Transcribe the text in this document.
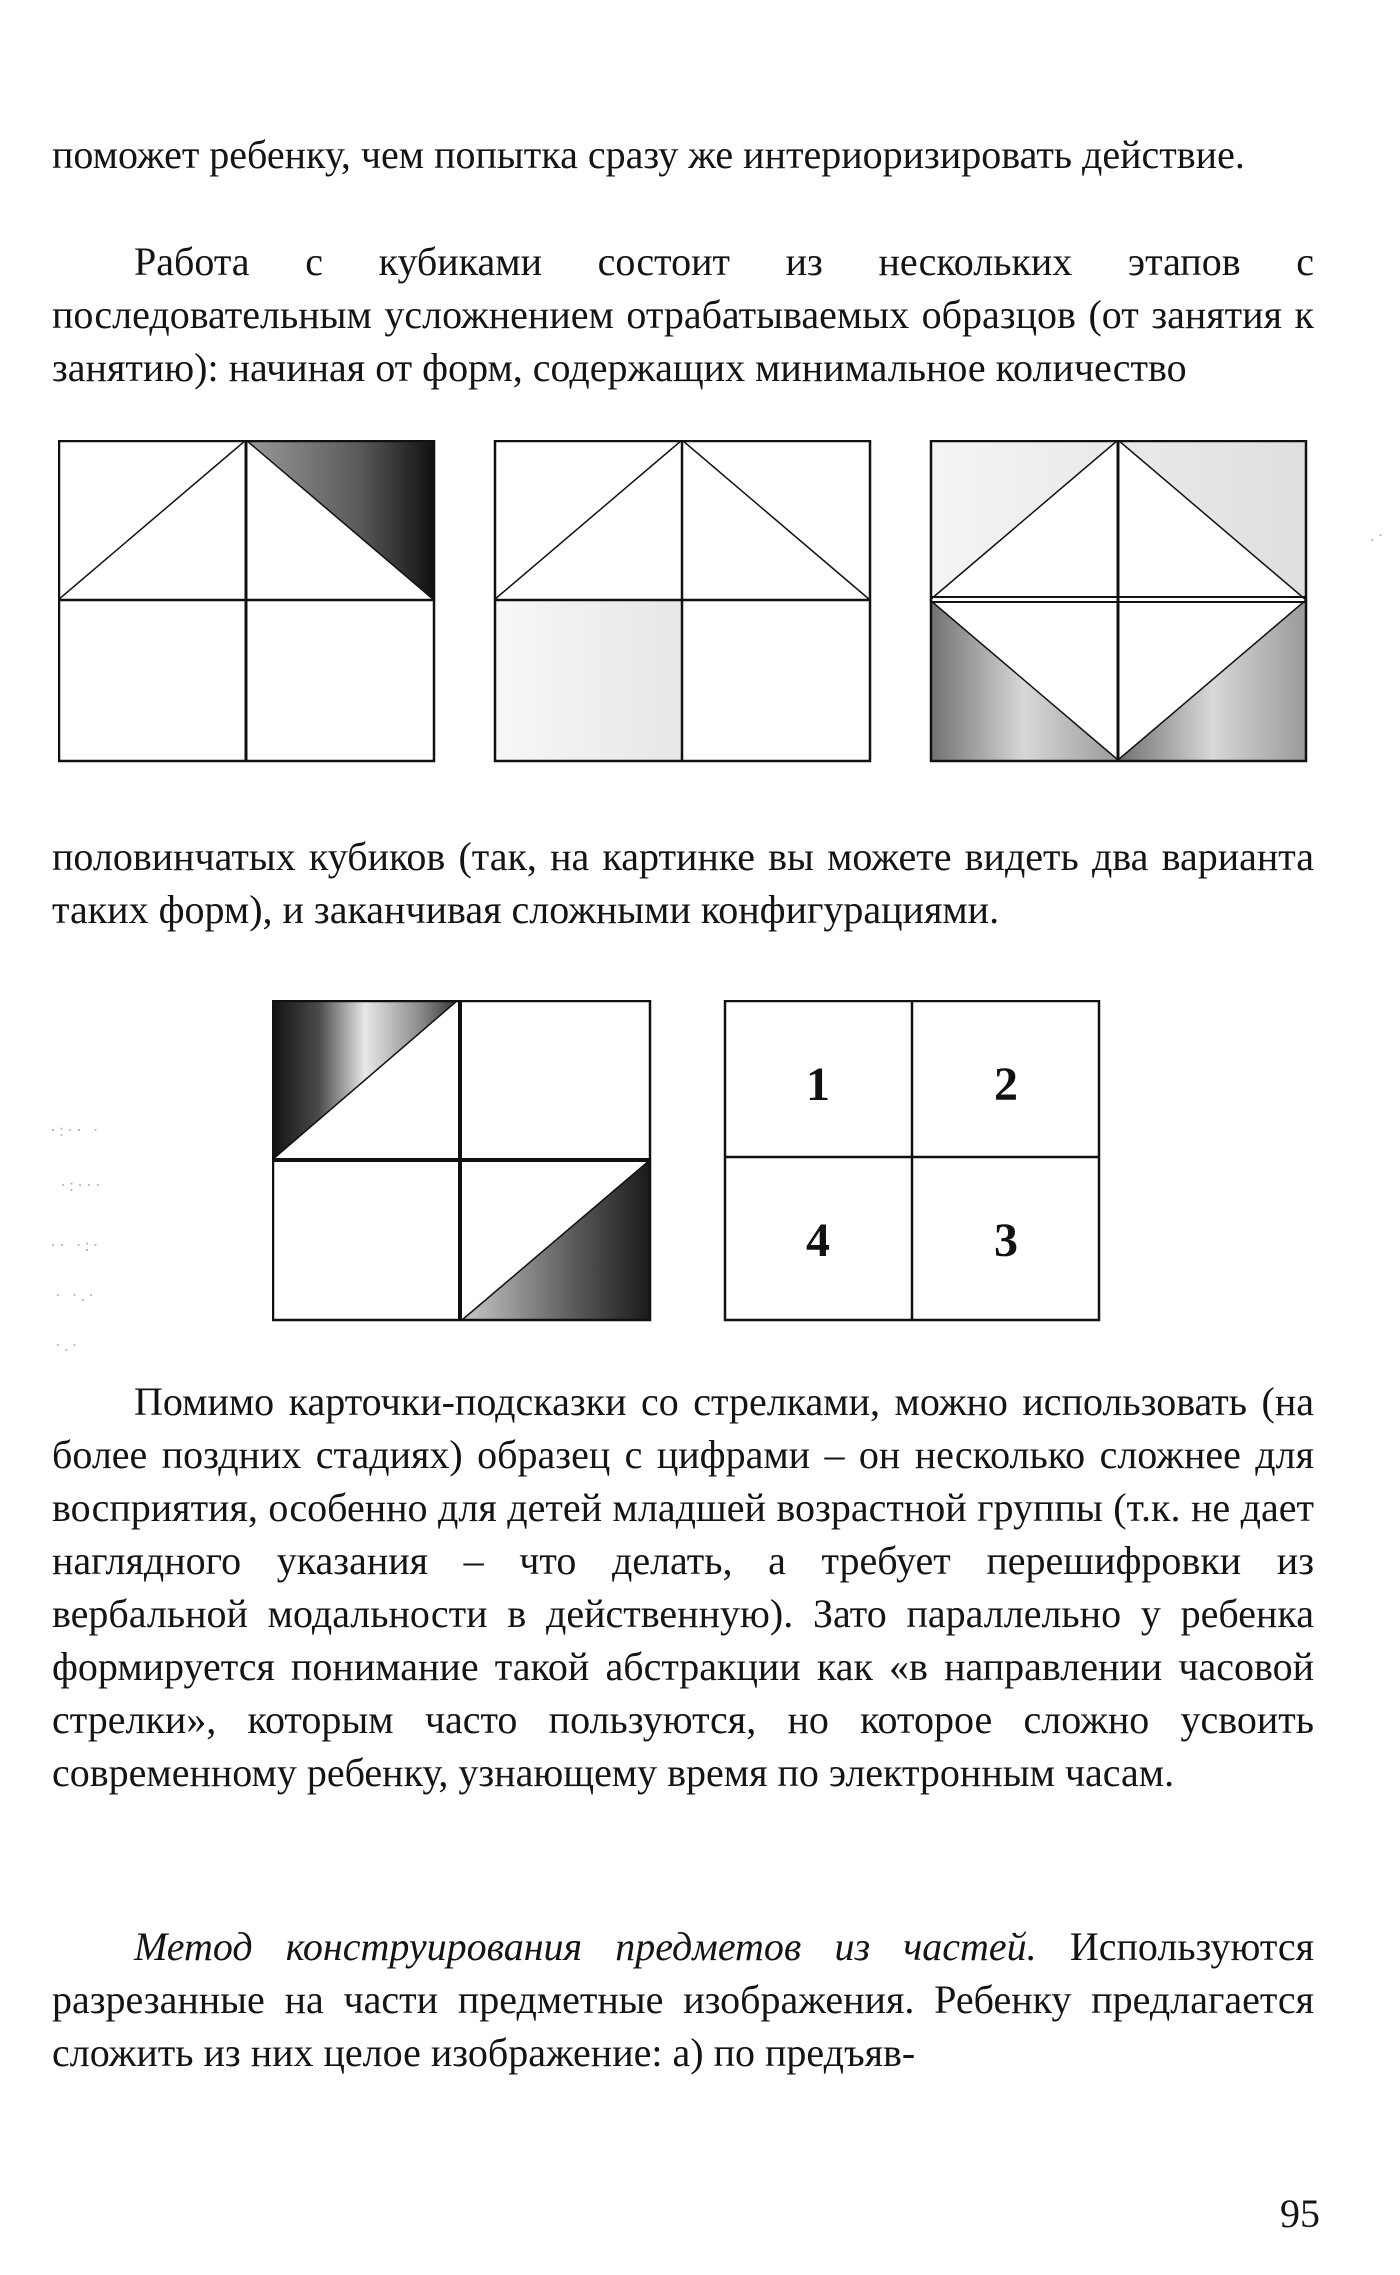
поможет ребенку, чем попытка сразу же интериоризировать действие.

Работа с кубиками состоит из нескольких этапов с последовательным усложнением отрабатываемых образцов (от занятия к занятию): начиная от форм, содержащих минимальное количество

.·

половинчатых кубиков (так, на картинке вы можете видеть два варианта таких форм), и заканчивая сложными конфигурациями.

1	2
4	3
·:·· ·
·:···
·· ·:·
· ·.·
·.·

Помимо карточки-подсказки со стрелками, можно использовать (на более поздних стадиях) образец с цифрами – он несколько сложнее для восприятия, особенно для детей младшей возрастной группы (т.к. не дает наглядного указания – что делать, а требует перешифровки из вербальной модальности в действенную). Зато параллельно у ребенка формируется понимание такой абстракции как «в направлении часовой стрелки», которым часто пользуются, но которое сложно усвоить современному ребенку, узнающему время по электронным часам.

Метод конструирования предметов из частей. Используются разрезанные на части предметные изображения. Ребенку предлагается сложить из них целое изображение: а) по предъяв-

95
